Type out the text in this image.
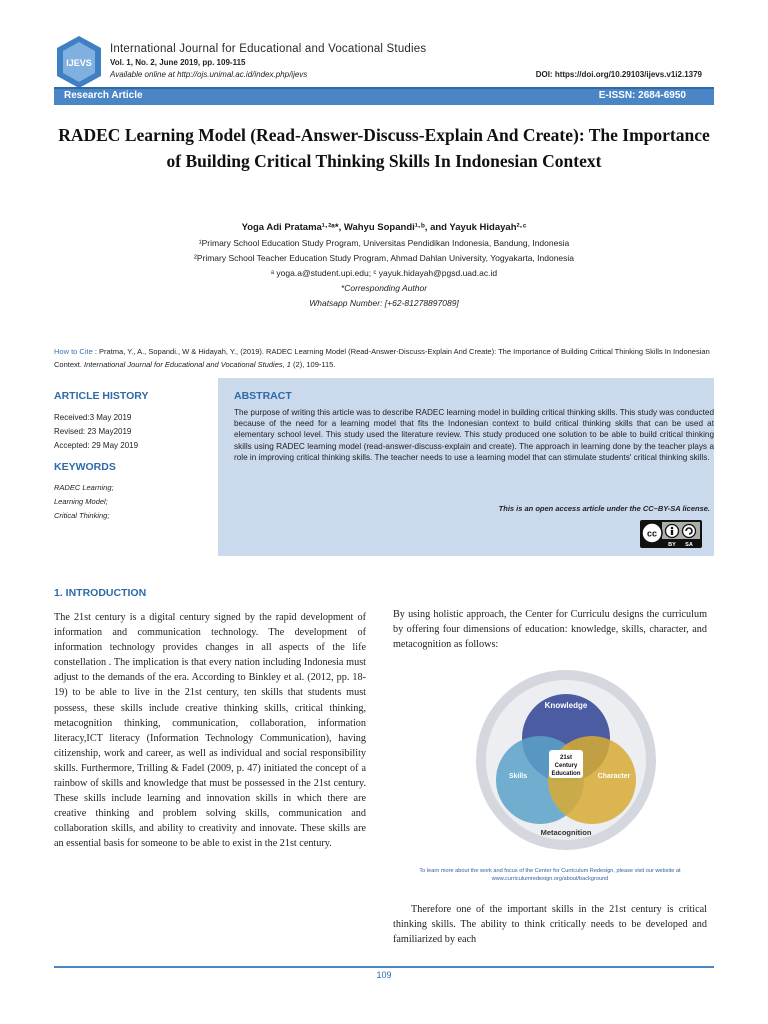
IJEVS
International Journal for Educational and Vocational Studies
Vol. 1, No. 2, June 2019, pp. 109-115
Available online at http://ojs.unimal.ac.id/index.php/ijevs	DOI: https://doi.org/10.29103/ijevs.v1i2.1379
Research Article	E-ISSN: 2684-6950
RADEC Learning Model (Read-Answer-Discuss-Explain And Create): The Importance of Building Critical Thinking Skills In Indonesian Context
Yoga Adi Pratama¹·²ᵃ*, Wahyu Sopandi¹·ᵇ, and Yayuk Hidayah²·ᶜ
¹Primary School Education Study Program, Universitas Pendidikan Indonesia, Bandung, Indonesia
²Primary School Teacher Education Study Program, Ahmad Dahlan University, Yogyakarta, Indonesia
ᵃ yoga.a@student.upi.edu; ᶜ yayuk.hidayah@pgsd.uad.ac.id
*Corresponding Author
Whatsapp Number: [+62-81278897089]
How to Cite : Pratma, Y., A., Sopandi., W & Hidayah, Y., (2019). RADEC Learning Model (Read-Answer-Discuss-Explain And Create): The Importance of Building Critical Thinking Skills In Indonesian Context. International Journal for Educational and Vocational Studies, 1 (2), 109-115.
ARTICLE HISTORY
Received:3 May 2019
Revised: 23 May2019
Accepted: 29 May 2019
KEYWORDS
RADEC Learning;
Learning Model;
Critical Thinking;
ABSTRACT
The purpose of writing this article was to describe RADEC learning model in building critical thinking skills. This study was conducted because of the need for a learning model that fits the Indonesian context to build critical thinking skills that can be used at elementary school level. This study used the literature review. This study produced one solution to be able to build critical thinking skills using RADEC learning model (read-answer-discuss-explain and create). The approach in learning done by the teacher plays a role in improving critical thinking skills. The teacher needs to use a learning model that can stimulate students' critical thinking skills.
This is an open access article under the CC–BY-SA license.
cc
BY SA
1. INTRODUCTION
The 21st century is a digital century signed by the rapid development of information and communication technology. The development of information technology provides changes in all aspects of the life constellation . The implication is that every nation including Indonesia must adjust to the demands of the era. According to Binkley et al. (2012, pp. 18-19) to be able to live in the 21st century, ten skills that students must possess, these skills include creative thinking skills, critical thinking, metacognition thinking, communication, collaboration, information literacy,ICT literacy (Information Technology Communication), having citizenship, work and career, as well as individual and social responsibility skills. Furthermore, Trilling & Fadel (2009, p. 47) initiated the concept of a rainbow of skills and knowledge that must be possessed in the 21st century. These skills include learning and innovation skills in which there are creative thinking and problem solving skills, communication and collaboration skills, and ability to creativity and innovate. These skills are an essential basis for someone to be able to exist in the 21st century.
By using holistic approach, the Center for Curriculu designs the curriculum by offering four dimensions of education: knowledge, skills, character, and metacognition as follows:
Knowledge
Skills	Character
21st
Century
Education
Metacognition
To learn more about the work and focus of the Center for Curriculum Redesign, please visit our website at
www.curriculumredesign.org/about/background
Therefore one of the important skills in the 21st century is critical thinking skills. The ability to think critically needs to be developed and familiarized by each
109
